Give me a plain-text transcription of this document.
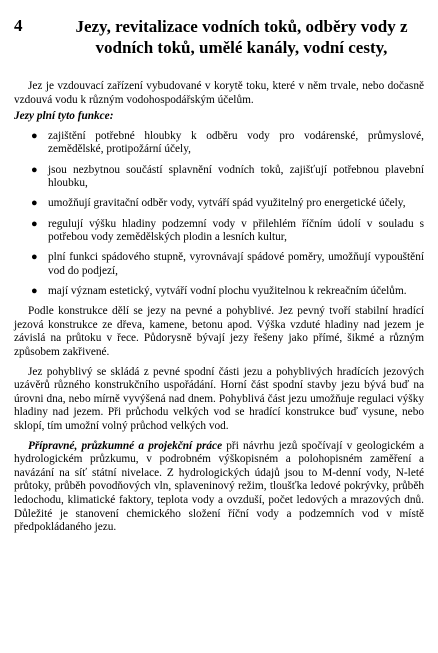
4	Jezy, revitalizace vodních toků, odběry vody z vodních toků, umělé kanály, vodní cesty,

Jez je vzdouvací zařízení vybudované v korytě toku, které v něm trvale, nebo dočasně vzdouvá vodu k různým vodohospodářským účelům.

Jezy plní tyto funkce:

● zajištění potřebné hloubky k odběru vody pro vodárenské, průmyslové, zemědělské, protipožární účely,
● jsou nezbytnou součástí splavnění vodních toků, zajišťují potřebnou plavební hloubku,
● umožňují gravitační odběr vody, vytváří spád využitelný pro energetické účely,
● regulují výšku hladiny podzemní vody v přilehlém říčním údolí v souladu s potřebou vody zemědělských plodin a lesních kultur,
● plní funkci spádového stupně, vyrovnávají spádové poměry, umožňují vypouštění vod do podjezí,
● mají význam estetický, vytváří vodní plochu využitelnou k rekreačním účelům.

Podle konstrukce dělí se jezy na pevné a pohyblivé. Jez pevný tvoří stabilní hradící jezová konstrukce ze dřeva, kamene, betonu apod. Výška vzduté hladiny nad jezem je závislá na průtoku v řece. Půdorysně bývají jezy řešeny jako přímé, šikmé a různým způsobem zakřivené.

Jez pohyblivý se skládá z pevné spodní části jezu a pohyblivých hradících jezových uzávěrů různého konstrukčního uspořádání. Horní část spodní stavby jezu bývá buď na úrovni dna, nebo mírně vyvýšená nad dnem. Pohyblivá část jezu umožňuje regulaci výšky hladiny nad jezem. Při průchodu velkých vod se hradící konstrukce buď vysune, nebo sklopí, tím umožní volný průchod velkých vod.

Přípravné, průzkumné a projekční práce při návrhu jezů spočívají v geologickém a hydrologickém průzkumu, v podrobném výškopisném a polohopisném zaměření a navázání na síť státní nivelace. Z hydrologických údajů jsou to M-denní vody, N-leté průtoky, průběh povodňových vln, splaveninový režim, tloušťka ledové pokrývky, průběh ledochodu, klimatické faktory, teplota vody a ovzduší, počet ledových a mrazových dnů. Důležité je stanovení chemického složení říční vody a podzemních vod v místě předpokládaného jezu.
